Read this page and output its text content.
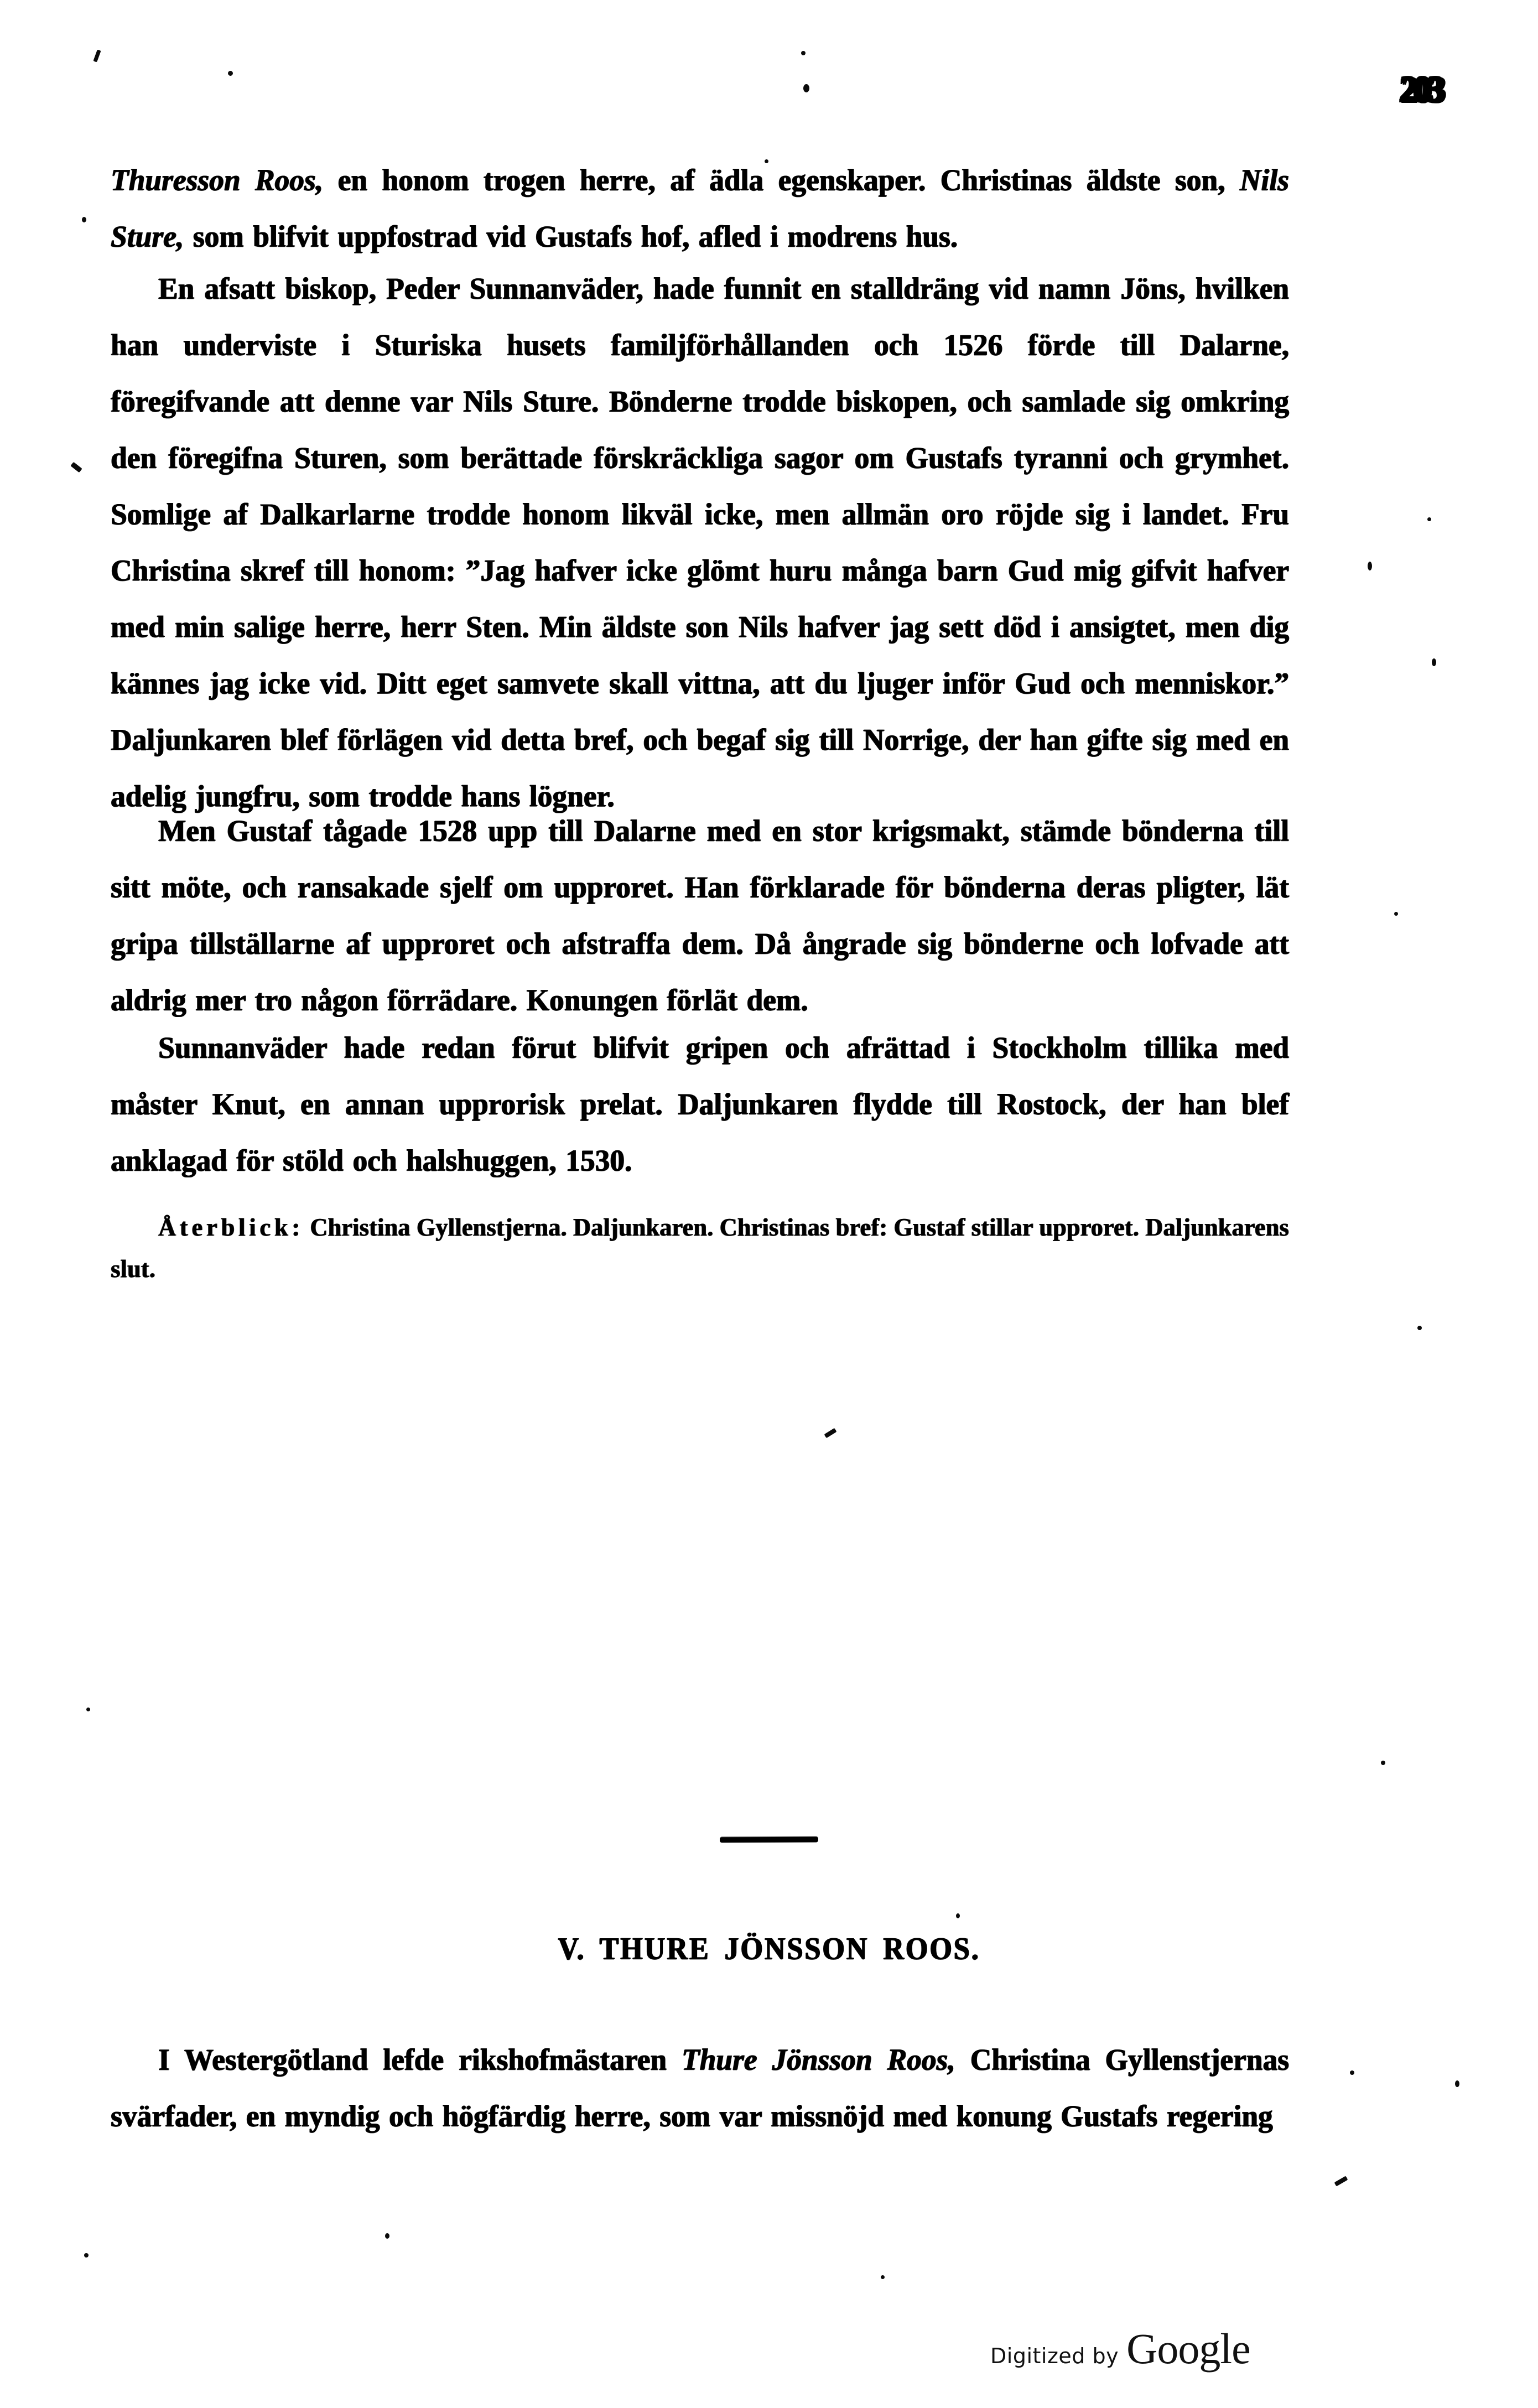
203

Thuresson Roos, en honom trogen herre, af ädla egenskaper. Christinas äldste son, Nils Sture, som blifvit uppfostrad vid Gustafs hof, afled i modrens hus.

En afsatt biskop, Peder Sunnanväder, hade funnit en stalldräng vid namn Jöns, hvilken han underviste i Sturiska husets familjförhållanden och 1526 förde till Dalarne, föregifvande att denne var Nils Sture. Bönderne trodde biskopen, och samlade sig omkring den föregifna Sturen, som berättade förskräckliga sagor om Gustafs tyranni och grymhet. Somlige af Dalkarlarne trodde honom likväl icke, men allmän oro röjde sig i landet. Fru Christina skref till honom: ”Jag hafver icke glömt huru många barn Gud mig gifvit hafver med min salige herre, herr Sten. Min äldste son Nils hafver jag sett död i ansigtet, men dig kännes jag icke vid. Ditt eget samvete skall vittna, att du ljuger inför Gud och menniskor.” Daljunkaren blef förlägen vid detta bref, och begaf sig till Norrige, der han gifte sig med en adelig jungfru, som trodde hans lögner.

Men Gustaf tågade 1528 upp till Dalarne med en stor krigsmakt, stämde bönderna till sitt möte, och ransakade sjelf om upproret. Han förklarade för bönderna deras pligter, lät gripa tillställarne af upproret och afstraffa dem. Då ångrade sig bönderne och lofvade att aldrig mer tro någon förrädare. Konungen förlät dem.

Sunnanväder hade redan förut blifvit gripen och afrättad i Stockholm tillika med måster Knut, en annan upprorisk prelat. Daljunkaren flydde till Rostock, der han blef anklagad för stöld och halshuggen, 1530.

Återblick: Christina Gyllenstjerna. Daljunkaren. Christinas bref: Gustaf stillar upproret. Daljunkarens slut.

V. THURE JÖNSSON ROOS.

I Westergötland lefde rikshofmästaren Thure Jönsson Roos, Christina Gyllenstjernas svärfader, en myndig och högfärdig herre, som var missnöjd med konung Gustafs regering

Digitized by Google
